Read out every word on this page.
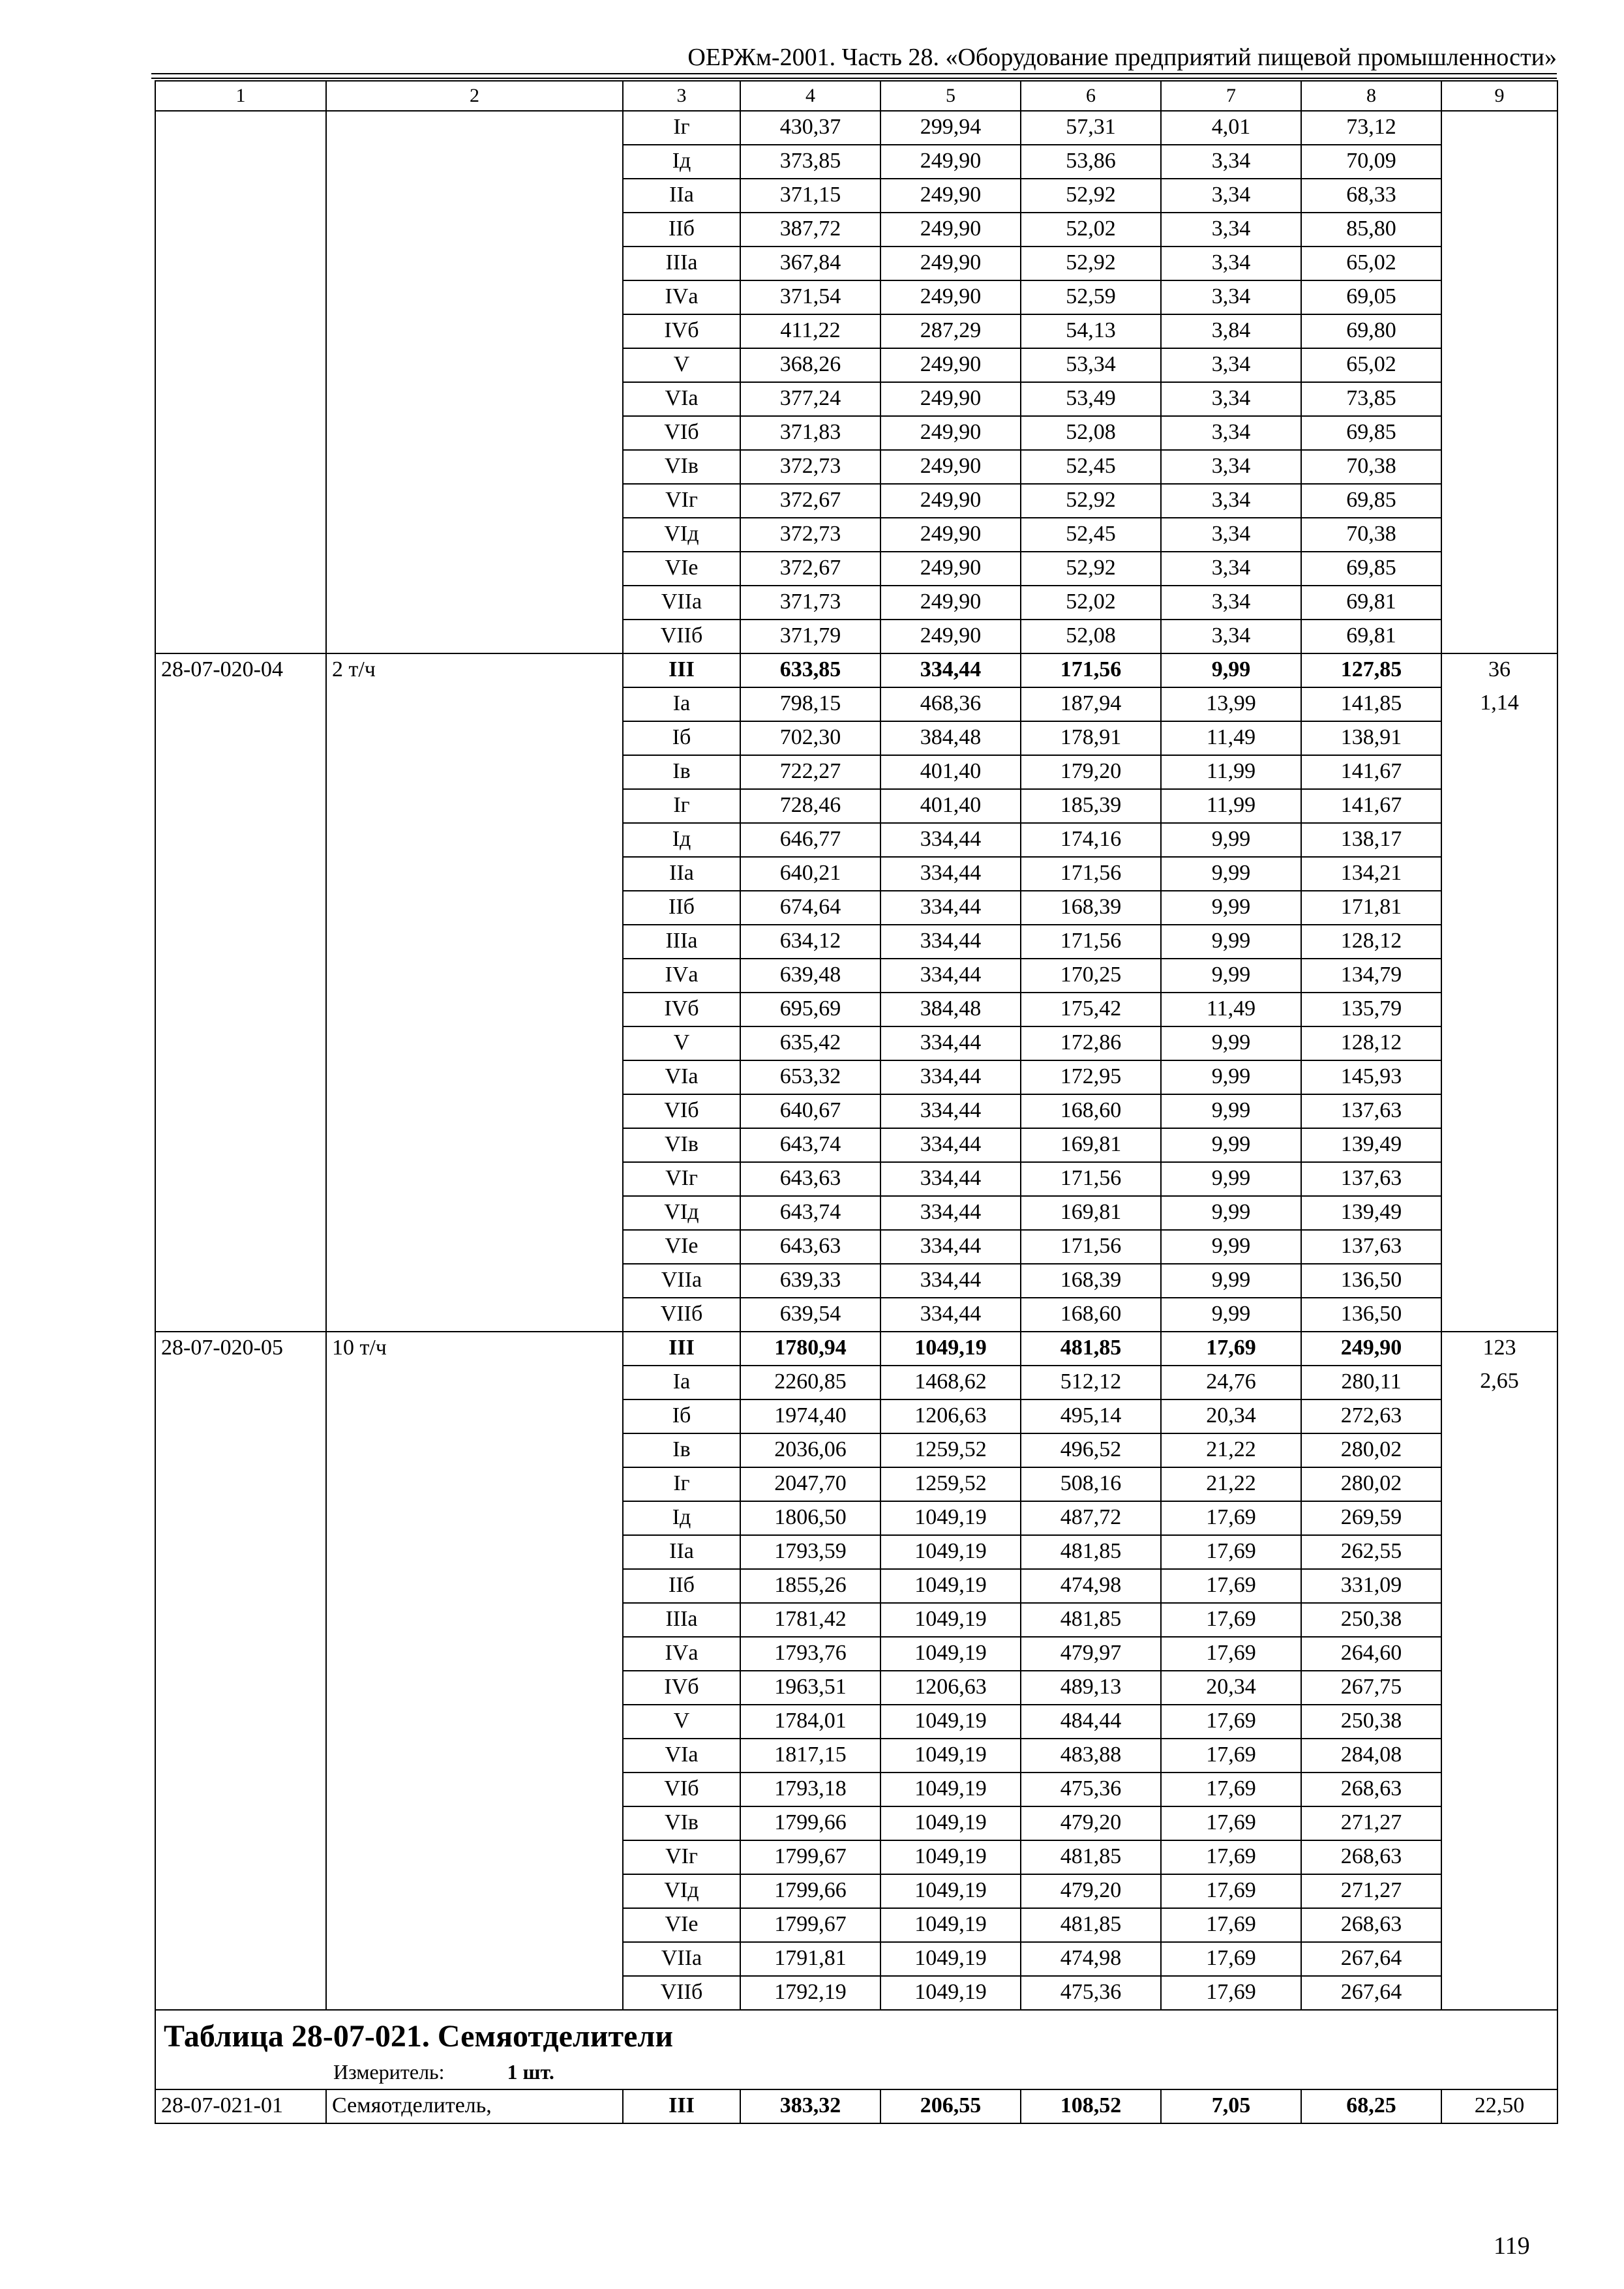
ОЕРЖм-2001. Часть 28. «Оборудование предприятий пищевой промышленности»
1	2	3	4	5	6	7	8	9
		Iг	430,37	299,94	57,31	4,01	73,12	
		Iд	373,85	249,90	53,86	3,34	70,09	
		IIа	371,15	249,90	52,92	3,34	68,33	
		IIб	387,72	249,90	52,02	3,34	85,80	
		IIIа	367,84	249,90	52,92	3,34	65,02	
		IVа	371,54	249,90	52,59	3,34	69,05	
		IVб	411,22	287,29	54,13	3,84	69,80	
		V	368,26	249,90	53,34	3,34	65,02	
		VIа	377,24	249,90	53,49	3,34	73,85	
		VIб	371,83	249,90	52,08	3,34	69,85	
		VIв	372,73	249,90	52,45	3,34	70,38	
		VIг	372,67	249,90	52,92	3,34	69,85	
		VIд	372,73	249,90	52,45	3,34	70,38	
		VIе	372,67	249,90	52,92	3,34	69,85	
		VIIа	371,73	249,90	52,02	3,34	69,81	
		VIIб	371,79	249,90	52,08	3,34	69,81	
28-07-020-04	2 т/ч	III	633,85	334,44	171,56	9,99	127,85	36
		Iа	798,15	468,36	187,94	13,99	141,85	1,14
		Iб	702,30	384,48	178,91	11,49	138,91	
		Iв	722,27	401,40	179,20	11,99	141,67	
		Iг	728,46	401,40	185,39	11,99	141,67	
		Iд	646,77	334,44	174,16	9,99	138,17	
		IIа	640,21	334,44	171,56	9,99	134,21	
		IIб	674,64	334,44	168,39	9,99	171,81	
		IIIа	634,12	334,44	171,56	9,99	128,12	
		IVа	639,48	334,44	170,25	9,99	134,79	
		IVб	695,69	384,48	175,42	11,49	135,79	
		V	635,42	334,44	172,86	9,99	128,12	
		VIа	653,32	334,44	172,95	9,99	145,93	
		VIб	640,67	334,44	168,60	9,99	137,63	
		VIв	643,74	334,44	169,81	9,99	139,49	
		VIг	643,63	334,44	171,56	9,99	137,63	
		VIд	643,74	334,44	169,81	9,99	139,49	
		VIе	643,63	334,44	171,56	9,99	137,63	
		VIIа	639,33	334,44	168,39	9,99	136,50	
		VIIб	639,54	334,44	168,60	9,99	136,50	
28-07-020-05	10 т/ч	III	1780,94	1049,19	481,85	17,69	249,90	123
		Iа	2260,85	1468,62	512,12	24,76	280,11	2,65
		Iб	1974,40	1206,63	495,14	20,34	272,63	
		Iв	2036,06	1259,52	496,52	21,22	280,02	
		Iг	2047,70	1259,52	508,16	21,22	280,02	
		Iд	1806,50	1049,19	487,72	17,69	269,59	
		IIа	1793,59	1049,19	481,85	17,69	262,55	
		IIб	1855,26	1049,19	474,98	17,69	331,09	
		IIIа	1781,42	1049,19	481,85	17,69	250,38	
		IVа	1793,76	1049,19	479,97	17,69	264,60	
		IVб	1963,51	1206,63	489,13	20,34	267,75	
		V	1784,01	1049,19	484,44	17,69	250,38	
		VIа	1817,15	1049,19	483,88	17,69	284,08	
		VIб	1793,18	1049,19	475,36	17,69	268,63	
		VIв	1799,66	1049,19	479,20	17,69	271,27	
		VIг	1799,67	1049,19	481,85	17,69	268,63	
		VIд	1799,66	1049,19	479,20	17,69	271,27	
		VIе	1799,67	1049,19	481,85	17,69	268,63	
		VIIа	1791,81	1049,19	474,98	17,69	267,64	
		VIIб	1792,19	1049,19	475,36	17,69	267,64	

Таблица 28-07-021. Семяотделители
Измеритель: 1 шт.								

28-07-021-01	Семяотделитель,	III	383,32	206,55	108,52	7,05	68,25	22,50
119
